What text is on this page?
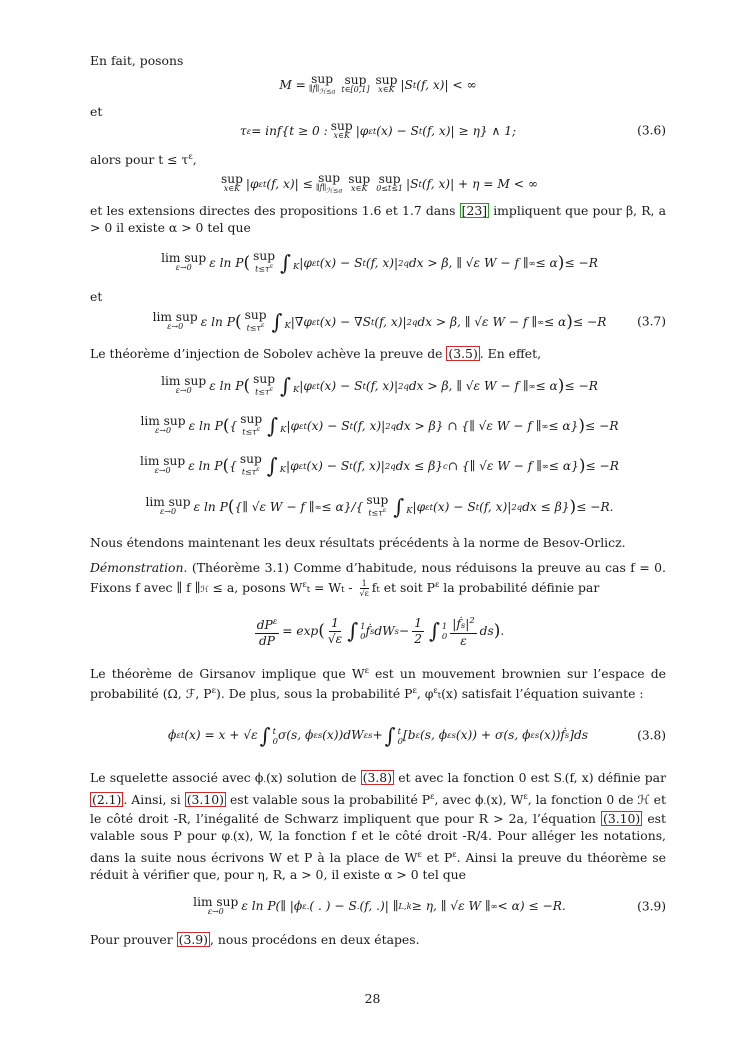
En fait, posons

M = sup
$\parallel f\parallel_{ℋ\le a}$
sup
t∈[0,1]
sup
x∈K |S t (f, x)| < ∞

et

τ ε = inf{t ≥ 0 : sup
x∈K |φ ε t (x) − S t (f, x)| ≥ η} ∧ 1;	(3.6)

alors pour $t \le \tau^\varepsilon$,

sup
x∈K |φ ε t (f, x)| ≤ sup
$\parallel f\parallel_{ℋ\le a}$
sup
x∈K
sup
0≤t≤1 |S t (f, x)| + η = M < ∞

et les extensions directes des propositions 1.6 et 1.7 dans [23] impliquent que pour β, R, a > 0 il existe α > 0 tel que

lim sup
ε→0 ε ln P ( sup
$t\le\tau^\varepsilon$ ∫ K $|\varphi^\varepsilon$ t (x) − S t (f, x)| 2q dx > β, ∥ √ε W − f ∥ ∞ ≤ α ) ≤ −R

et

lim sup
ε→0 ε ln P ( sup
$t\le\tau^\varepsilon$ ∫ K $|\nabla\varphi^\varepsilon$ t (x) − ∇S t (f, x)| 2q dx > β, ∥ √ε W − f ∥ ∞ ≤ α ) ≤ −R	(3.7)

Le théorème d’injection de Sobolev achève la preuve de (3.5) . En effet,

lim sup
ε→0 ε ln P ( sup
$t\le\tau^\varepsilon$ ∫ K $|\varphi^\varepsilon$ t (x) − S t (f, x)| 2q dx > β, ∥ √ε W − f ∥ ∞ ≤ α ) ≤ −R
lim sup
ε→0 ε ln P ( { sup
$t\le\tau^\varepsilon$ ∫ K $|\varphi^\varepsilon$ t (x) − S t (f, x)| 2q dx > β} ∩ {∥ √ε W − f ∥ ∞ ≤ α} ) ≤ −R
lim sup
ε→0 ε ln P ( { sup
$t\le\tau^\varepsilon$ ∫ K $|\varphi^\varepsilon$ t (x) − S t (f, x)| 2q dx ≤ β} c ∩ {∥ √ε W − f ∥ ∞ ≤ α} ) ≤ −R
lim sup
ε→0 ε ln P ( {∥ √ε W − f ∥ ∞ ≤ α}/{ sup
$t\le\tau^\varepsilon$ ∫ K $|\varphi^\varepsilon$ t (x) − S t (f, x)| 2q dx ≤ β} ) ≤ −R.

Nous étendons maintenant les deux résultats précédents à la norme de Besov-Orlicz.

Démonstration. (Théorème 3.1) Comme d’habitude, nous réduisons la preuve au cas f = 0. Fixons f avec ∥ f ∥ℋ ≤ a, posons $W^\varepsilon t = Wt - \frac{1}{√\varepsilon}$ ft et soit $P^\varepsilon$ la probabilité définie par

$\frac{dP^\varepsilon}{dP} = \exp$ ( $\frac{1}{√\varepsilon}$ ∫ 1
0 ḟ s dW $s - \frac{1}{2}$ ∫ 1
$0 \frac{|ḟs|^2}{\varepsilon}$ ds ) .

Le théorème de Girsanov implique que $W^\varepsilon$ est un mouvement brownien sur l’espace de probabilité (Ω, ℱ, $P^\varepsilon$). De plus, sous la probabilité $P^\varepsilon$, $\varphi^\varepsilon t(x)$ satisfait l’équation suivante :

ϕ ε t (x) = x + √ε ∫ t
0 σ(s, ϕ ε s (x))dW ε s + ∫ t
0 [b ε (s, ϕ ε s (x)) + σ(s, ϕ ε s (x))ḟ s ]ds	(3.8)

Le squelette associé avec ϕ.(x) solution de (3.8) et avec la fonction 0 est S.(f, x) définie par (2.1) . Ainsi, si (3.10) est valable sous la probabilité $P^\varepsilon$, avec ϕ.(x), $W^\varepsilon$, la fonction 0 de ℋ et le côté droit -R, l’inégalité de Schwarz impliquent que pour R > 2a, l’équation (3.10) est valable sous P pour φ.(x), W, la fonction f et le côté droit -R/4. Pour alléger les notations, dans la suite nous écrivons W et P à la place de $W^\varepsilon$ et $P^\varepsilon$. Ainsi la preuve du théorème se réduit à vérifier que, pour η, R, a > 0, il existe α > 0 tel que

lim sup
ε→0 ε ln P(∥ |ϕ ε . ( . ) − S . (f, .)| ∥ L,k ≥ η, ∥ √ε W ∥ ∞ < α) ≤ −R.	(3.9)

Pour prouver (3.9) , nous procédons en deux étapes.

28
